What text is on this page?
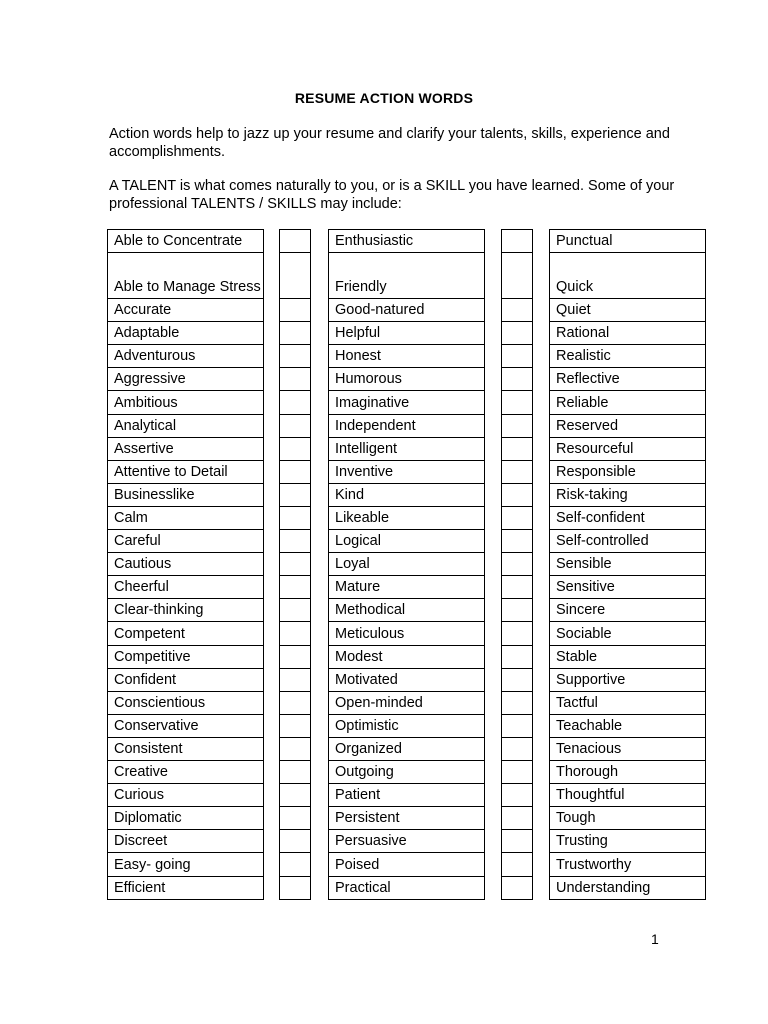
RESUME ACTION WORDS
Action words help to jazz up your resume and clarify your talents, skills, experience and accomplishments.
A TALENT is what comes naturally to you, or is a SKILL you have learned. Some of your professional TALENTS / SKILLS may include:
Able to Concentrate
Able to Manage Stress
Accurate
Adaptable
Adventurous
Aggressive
Ambitious
Analytical
Assertive
Attentive to Detail
Businesslike
Calm
Careful
Cautious
Cheerful
Clear-thinking
Competent
Competitive
Confident
Conscientious
Conservative
Consistent
Creative
Curious
Diplomatic
Discreet
Easy- going
Efficient
Enthusiastic
Friendly
Good-natured
Helpful
Honest
Humorous
Imaginative
Independent
Intelligent
Inventive
Kind
Likeable
Logical
Loyal
Mature
Methodical
Meticulous
Modest
Motivated
Open-minded
Optimistic
Organized
Outgoing
Patient
Persistent
Persuasive
Poised
Practical
Punctual
Quick
Quiet
Rational
Realistic
Reflective
Reliable
Reserved
Resourceful
Responsible
Risk-taking
Self-confident
Self-controlled
Sensible
Sensitive
Sincere
Sociable
Stable
Supportive
Tactful
Teachable
Tenacious
Thorough
Thoughtful
Tough
Trusting
Trustworthy
Understanding
1
